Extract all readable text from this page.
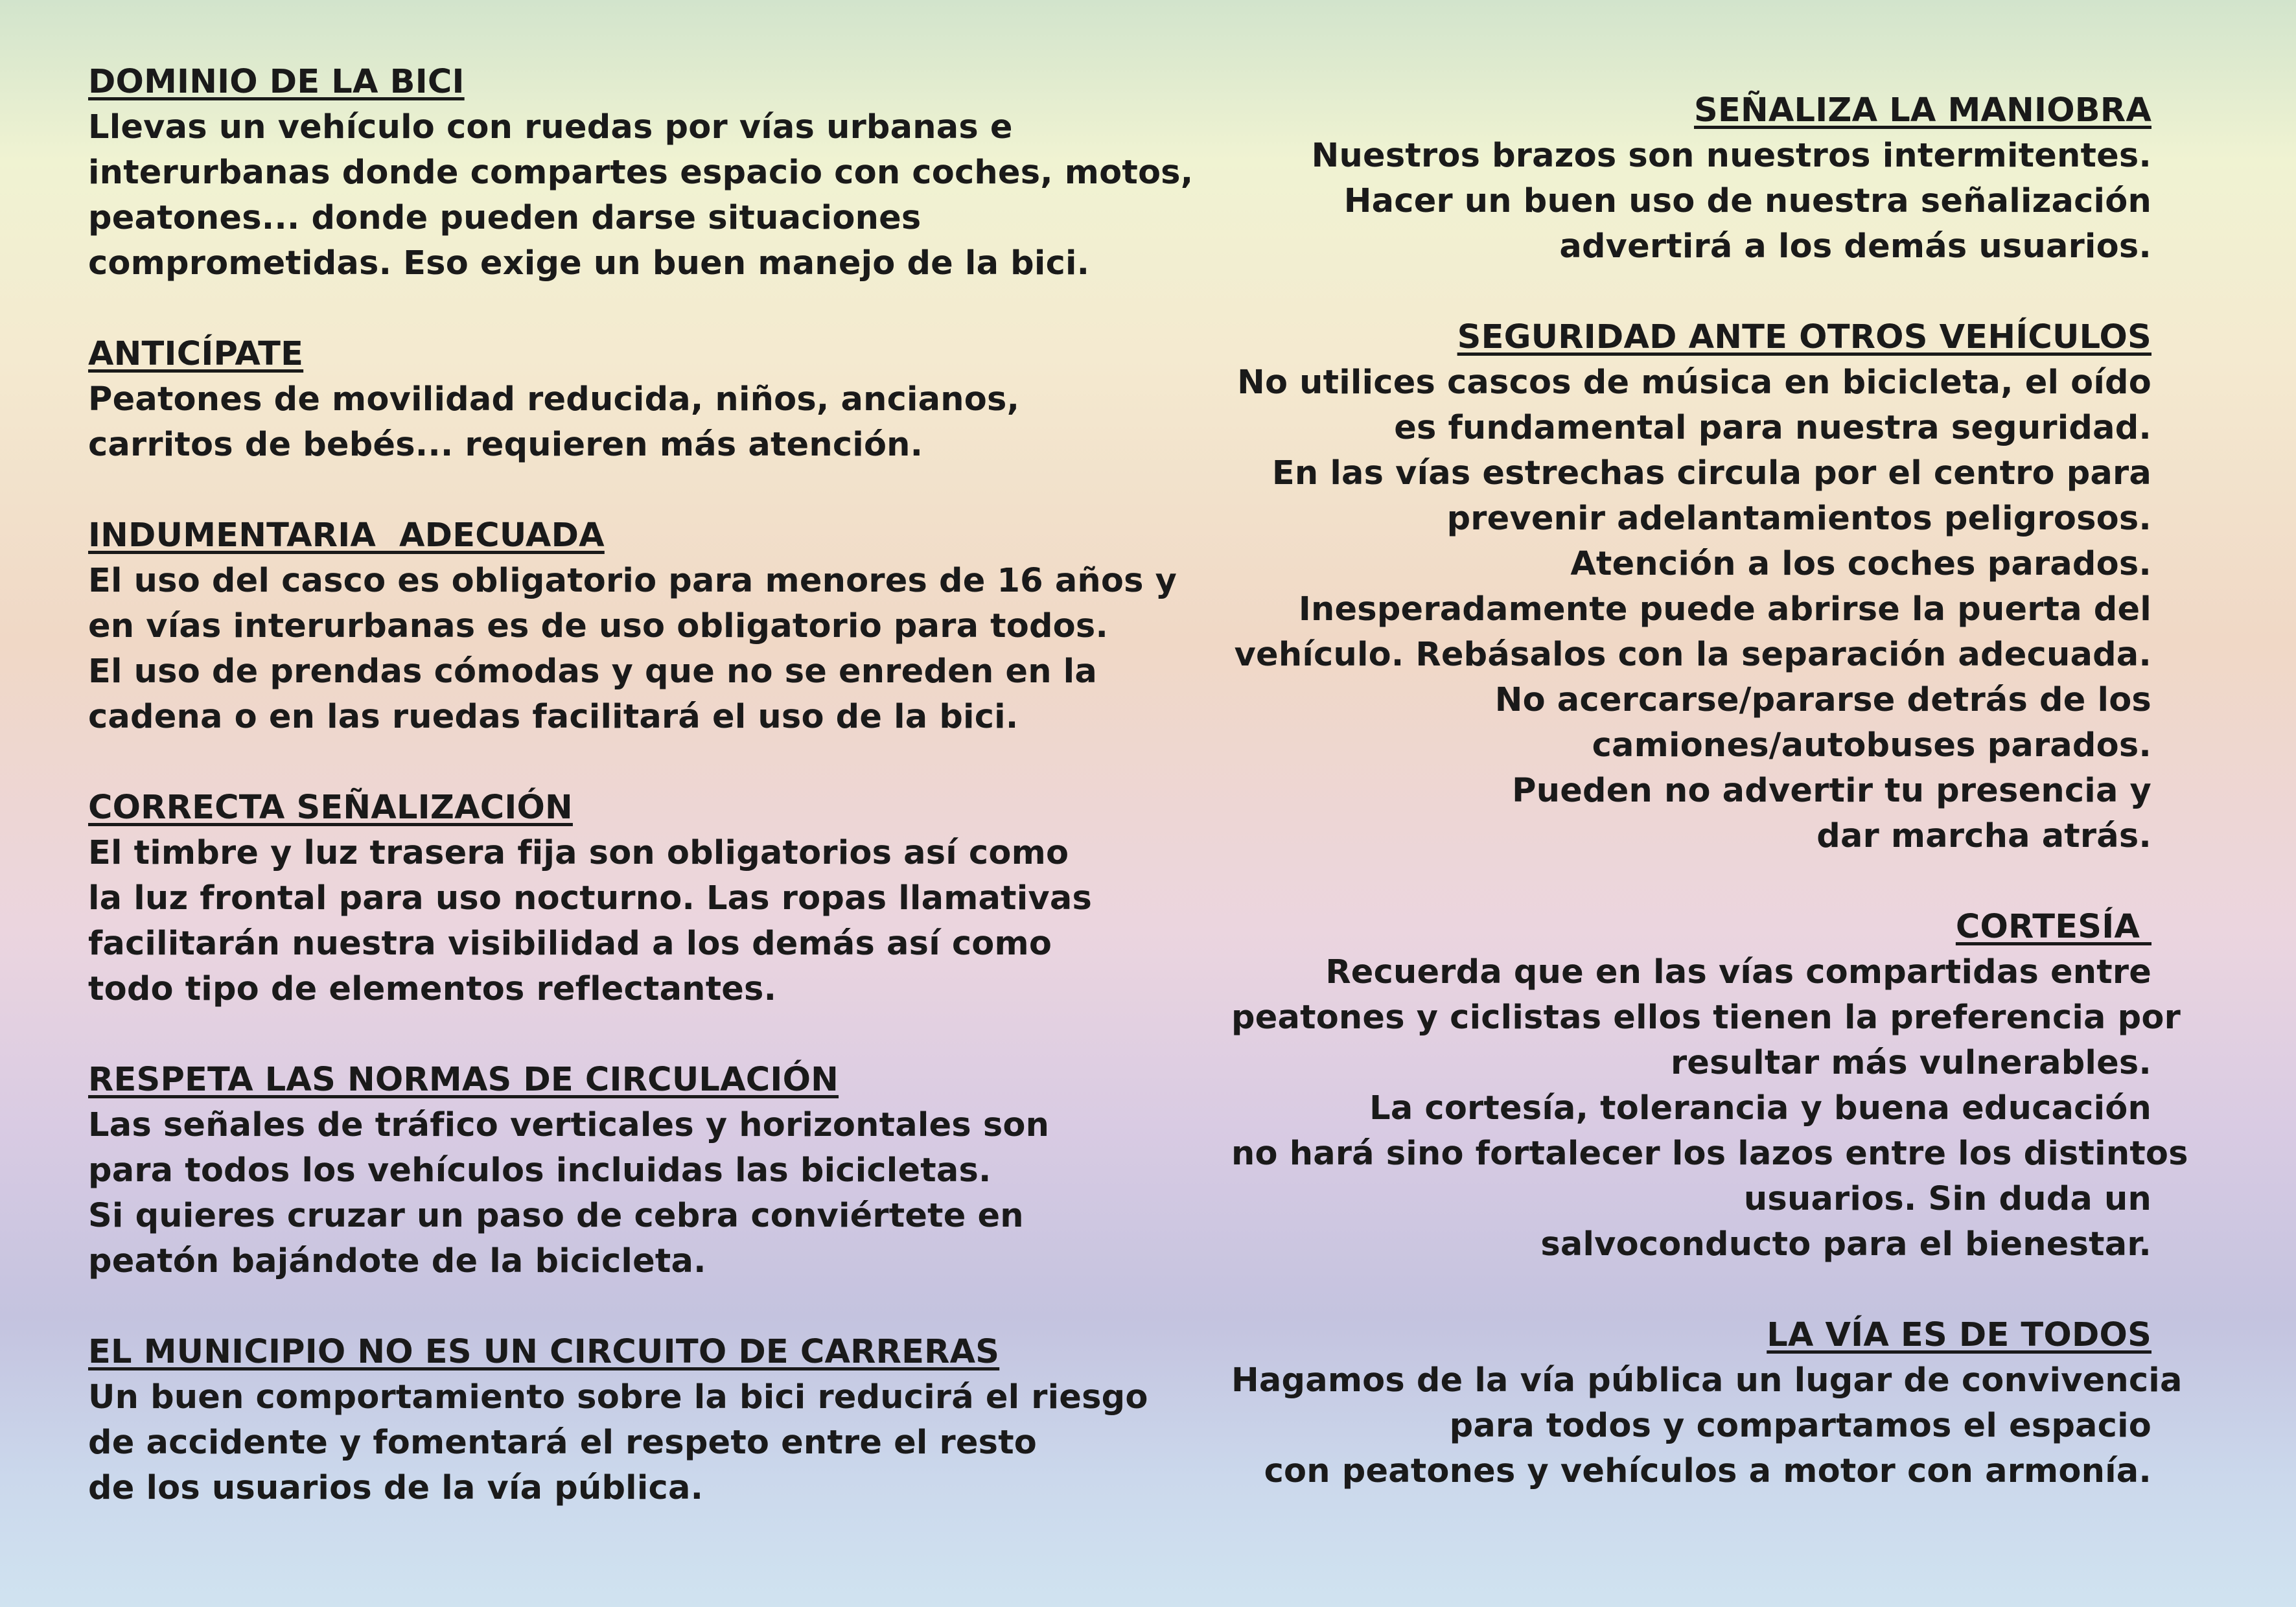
DOMINIO DE LA BICI
Llevas un vehículo con ruedas por vías urbanas e
interurbanas donde compartes espacio con coches, motos,
peatones... donde pueden darse situaciones
comprometidas. Eso exige un buen manejo de la bici.
ANTICÍPATE
Peatones de movilidad reducida, niños, ancianos,
carritos de bebés... requieren más atención.
INDUMENTARIA  ADECUADA
El uso del casco es obligatorio para menores de 16 años y
en vías interurbanas es de uso obligatorio para todos.
El uso de prendas cómodas y que no se enreden en la
cadena o en las ruedas facilitará el uso de la bici.
CORRECTA SEÑALIZACIÓN
El timbre y luz trasera fija son obligatorios así como
la luz frontal para uso nocturno. Las ropas llamativas
facilitarán nuestra visibilidad a los demás así como
todo tipo de elementos reflectantes.
RESPETA LAS NORMAS DE CIRCULACIÓN
Las señales de tráfico verticales y horizontales son
para todos los vehículos incluidas las bicicletas.
Si quieres cruzar un paso de cebra conviértete en
peatón bajándote de la bicicleta.
EL MUNICIPIO NO ES UN CIRCUITO DE CARRERAS
Un buen comportamiento sobre la bici reducirá el riesgo
de accidente y fomentará el respeto entre el resto
de los usuarios de la vía pública.
SEÑALIZA LA MANIOBRA
Nuestros brazos son nuestros intermitentes.
Hacer un buen uso de nuestra señalización
advertirá a los demás usuarios.
SEGURIDAD ANTE OTROS VEHÍCULOS
No utilices cascos de música en bicicleta, el oído
es fundamental para nuestra seguridad.
En las vías estrechas circula por el centro para
prevenir adelantamientos peligrosos.
Atención a los coches parados.
Inesperadamente puede abrirse la puerta del
vehículo. Rebásalos con la separación adecuada.
No acercarse/pararse detrás de los
camiones/autobuses parados.
Pueden no advertir tu presencia y
dar marcha atrás.
CORTESÍA
Recuerda que en las vías compartidas entre
peatones y ciclistas ellos tienen la preferencia por
resultar más vulnerables.
La cortesía, tolerancia y buena educación
no hará sino fortalecer los lazos entre los distintos
usuarios. Sin duda un
salvoconducto para el bienestar.
LA VÍA ES DE TODOS
Hagamos de la vía pública un lugar de convivencia
para todos y compartamos el espacio
con peatones y vehículos a motor con armonía.
